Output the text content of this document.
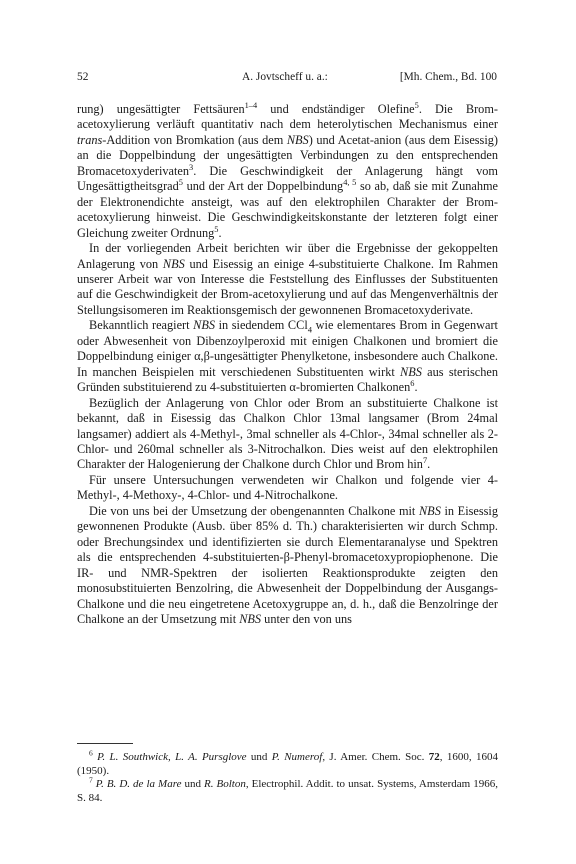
52	A. Jovtscheff u. a.:	[Mh. Chem., Bd. 100

rung) ungesättigter Fettsäuren$^{1-4}$ und endständiger Olefine$^5$. Die Brom-acetoxylierung verläuft quantitativ nach dem heterolytischen Mechanismus einer trans-Addition von Bromkation (aus dem NBS) und Acetat-anion (aus dem Eisessig) an die Doppelbindung der ungesättigten Verbindungen zu den entsprechenden Bromacetoxyderivaten$^3$. Die Geschwindigkeit der Anlagerung hängt vom Ungesättigtheitsgrad$^5$ und der Art der Doppelbindung$^{4, 5}$ so ab, daß sie mit Zunahme der Elektronendichte ansteigt, was auf den elektrophilen Charakter der Brom-acetoxylierung hinweist. Die Geschwindigkeitskonstante der letzteren folgt einer Gleichung zweiter Ordnung$^5$.

In der vorliegenden Arbeit berichten wir über die Ergebnisse der gekoppelten Anlagerung von NBS und Eisessig an einige 4-substituierte Chalkone. Im Rahmen unserer Arbeit war von Interesse die Feststellung des Einflusses der Substituenten auf die Geschwindigkeit der Brom-acetoxylierung und auf das Mengenverhältnis der Stellungsisomeren im Reaktionsgemisch der gewonnenen Bromacetoxyderivate.

Bekanntlich reagiert NBS in siedendem CCl$_4$ wie elementares Brom in Gegenwart oder Abwesenheit von Dibenzoylperoxid mit einigen Chalkonen und bromiert die Doppelbindung einiger α,β-ungesättigter Phenylketone, insbesondere auch Chalkone. In manchen Beispielen mit verschiedenen Substituenten wirkt NBS aus sterischen Gründen substituierend zu 4-substituierten α-bromierten Chalkonen$^6$.

Bezüglich der Anlagerung von Chlor oder Brom an substituierte Chalkone ist bekannt, daß in Eisessig das Chalkon Chlor 13mal langsamer (Brom 24mal langsamer) addiert als 4-Methyl-, 3mal schneller als 4-Chlor-, 34mal schneller als 2-Chlor- und 260mal schneller als 3-Nitrochalkon. Dies weist auf den elektrophilen Charakter der Halogenierung der Chalkone durch Chlor und Brom hin$^7$.

Für unsere Untersuchungen verwendeten wir Chalkon und folgende vier 4-Methyl-, 4-Methoxy-, 4-Chlor- und 4-Nitrochalkone.

Die von uns bei der Umsetzung der obengenannten Chalkone mit NBS in Eisessig gewonnenen Produkte (Ausb. über 85% d. Th.) charakterisierten wir durch Schmp. oder Brechungsindex und identifizierten sie durch Elementaranalyse und Spektren als die entsprechenden 4-substituierten-β-Phenyl-bromacetoxypropiophenone. Die IR- und NMR-Spektren der isolierten Reaktionsprodukte zeigten den monosubstituierten Benzolring, die Abwesenheit der Doppelbindung der Ausgangs-Chalkone und die neu eingetretene Acetoxygruppe an, d. h., daß die Benzolringe der Chalkone an der Umsetzung mit NBS unter den von uns

$^6$ P. L. Southwick, L. A. Pursglove und P. Numerof, J. Amer. Chem. Soc. 72, 1600, 1604 (1950).

$^7$ P. B. D. de la Mare und R. Bolton, Electrophil. Addit. to unsat. Systems, Amsterdam 1966, S. 84.
